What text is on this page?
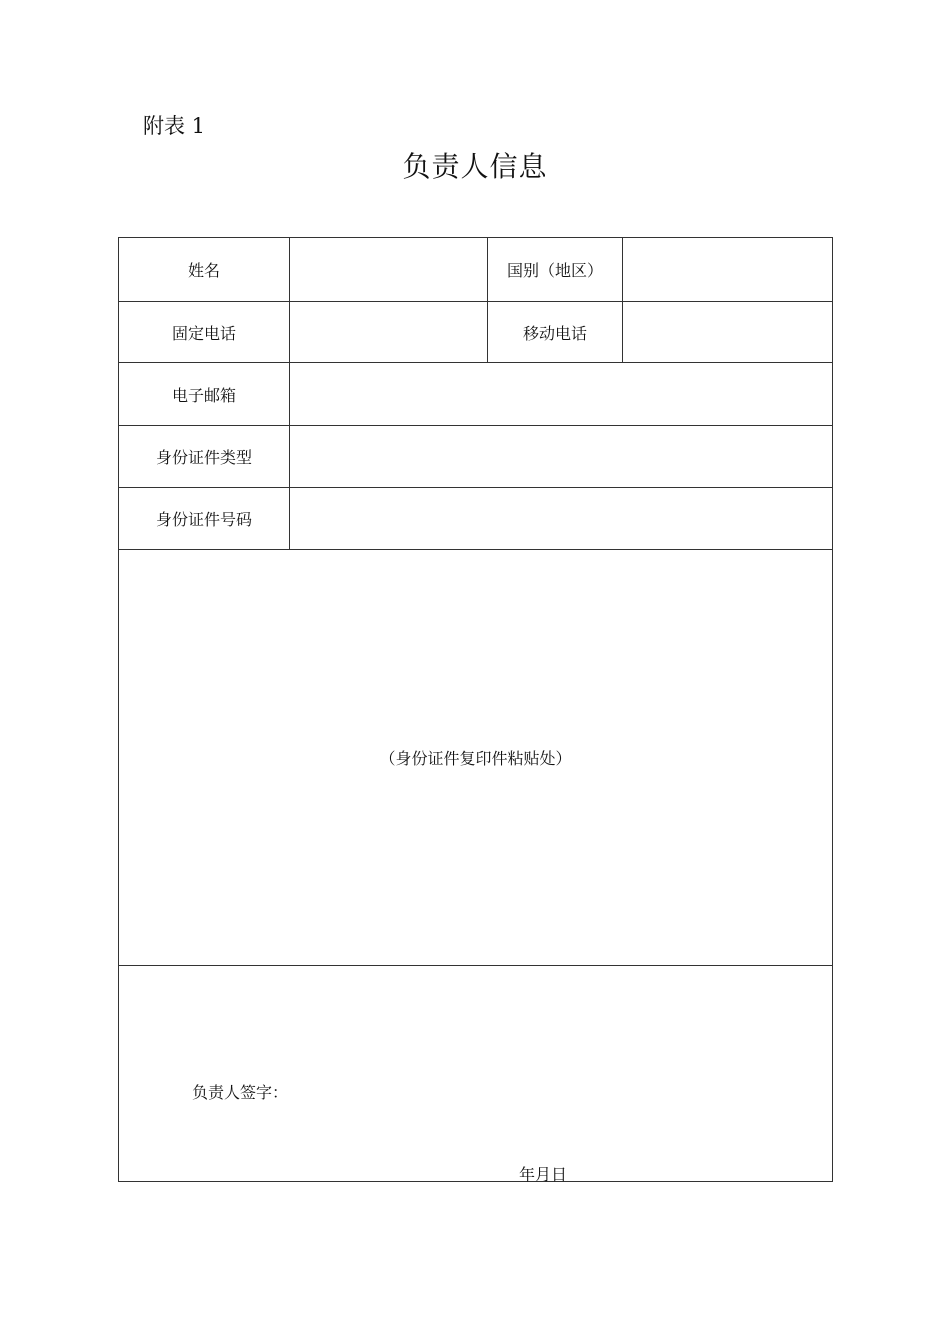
附表 1
负责人信息
姓名		国别（地区）	
固定电话		移动电话	
电子邮箱			
身份证件类型			
身份证件号码			
（身份证件复印件粘贴处）			

负责人签字：
年月日			
